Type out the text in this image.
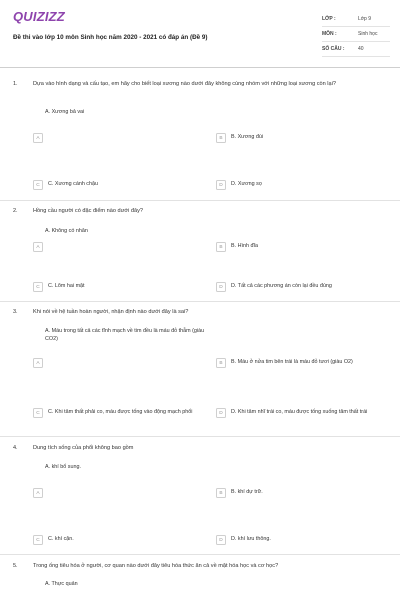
QUIZIZZ
Đề thi vào lớp 10 môn Sinh học năm 2020 - 2021 có đáp án (Đề 9)
LỚP :	Lớp 9
MÔN :	Sinh học
SỐ CÂU :	40
1.	Dựa vào hình dạng và cấu tạo, em hãy cho biết loại xương nào dưới đây không cùng nhóm với những loại xương còn lại?
A. Xương bả vai
A	B	B. Xương đùi
C	C. Xương cánh chậu	D	D. Xương sọ
2.	Hồng cầu người có đặc điểm nào dưới đây?
A. Không có nhân
A	B	B. Hình đĩa
C	C. Lõm hai mặt	D	D. Tất cả các phương án còn lại đều đúng
3.	Khi nói về hệ tuần hoàn người, nhận định nào dưới đây là sai?
A. Máu trong tất cả các tĩnh mạch về tim đều là máu đỏ thẫm (giàu CO2)
A	B	B. Máu ở nửa tim bên trái là máu đỏ tươi (giàu O2)
C	C. Khi tâm thất phải co, máu được tống vào động mạch phổi	D	D. Khi tâm nhĩ trái co, máu được tống xuống tâm thất trái
4.	Dung tích sống của phổi không bao gồm
A. khí bổ sung.
A	B	B. khí dự trữ.
C	C. khí cặn.	D	D. khí lưu thông.
5.	Trong ống tiêu hóa ở người, cơ quan nào dưới đây tiêu hóa thức ăn cả về mặt hóa học và cơ học?
A. Thực quản
